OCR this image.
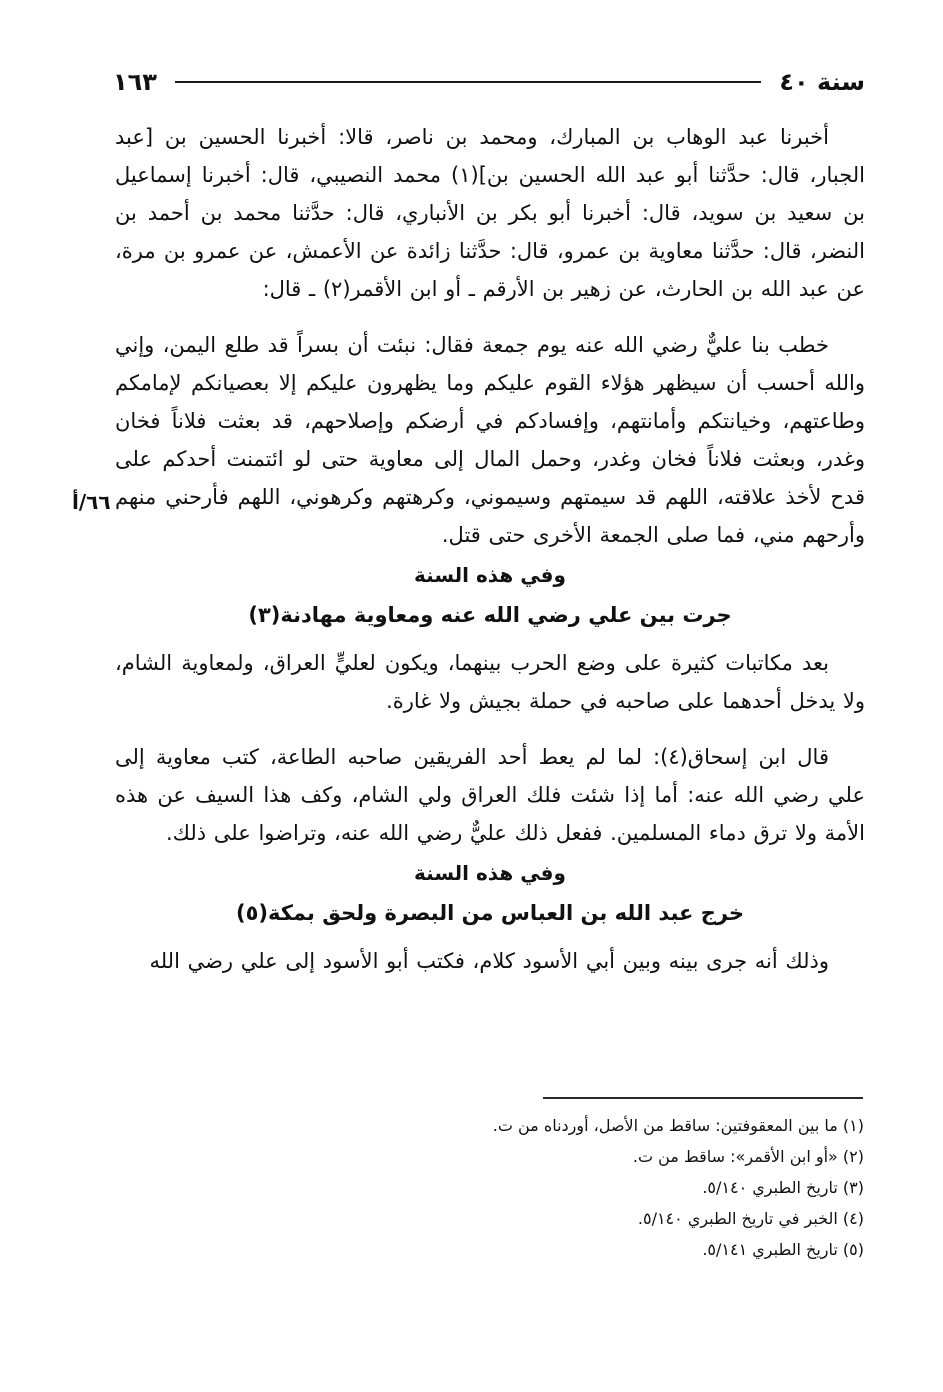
سنة ٤٠
١٦٣
٦٦/أ

أخبرنا عبد الوهاب بن المبارك، ومحمد بن ناصر، قالا: أخبرنا الحسين بن [عبد الجبار، قال: حدَّثنا أبو عبد الله الحسين بن](١) محمد النصيبي، قال: أخبرنا إسماعيل بن سعيد بن سويد، قال: أخبرنا أبو بكر بن الأنباري، قال: حدَّثنا محمد بن أحمد بن النضر، قال: حدَّثنا معاوية بن عمرو، قال: حدَّثنا زائدة عن الأعمش، عن عمرو بن مرة، عن عبد الله بن الحارث، عن زهير بن الأرقم ـ أو ابن الأقمر(٢) ـ قال:

خطب بنا عليٌّ رضي الله عنه يوم جمعة فقال: نبئت أن بسراً قد طلع اليمن، وإني والله أحسب أن سيظهر هؤلاء القوم عليكم وما يظهرون عليكم إلا بعصيانكم لإمامكم وطاعتهم، وخيانتكم وأمانتهم، وإفسادكم في أرضكم وإصلاحهم، قد بعثت فلاناً فخان وغدر، وبعثت فلاناً فخان وغدر، وحمل المال إلى معاوية حتى لو ائتمنت أحدكم على قدح لأخذ علاقته، اللهم قد سيمتهم وسيموني، وكرهتهم وكرهوني، اللهم فأرحني منهم وأرحهم مني، فما صلى الجمعة الأخرى حتى قتل.

وفي هذه السنة

جرت بين علي رضي الله عنه ومعاوية مهادنة(٣)

بعد مكاتبات كثيرة على وضع الحرب بينهما، ويكون لعليٍّ العراق، ولمعاوية الشام، ولا يدخل أحدهما على صاحبه في حملة بجيش ولا غارة.

قال ابن إسحاق(٤): لما لم يعط أحد الفريقين صاحبه الطاعة، كتب معاوية إلى علي رضي الله عنه: أما إذا شئت فلك العراق ولي الشام، وكف هذا السيف عن هذه الأمة ولا ترق دماء المسلمين. ففعل ذلك عليٌّ رضي الله عنه، وتراضوا على ذلك.

وفي هذه السنة

خرج عبد الله بن العباس من البصرة ولحق بمكة(٥)

وذلك أنه جرى بينه وبين أبي الأسود كلام، فكتب أبو الأسود إلى علي رضي الله

(١) ما بين المعقوفتين: ساقط من الأصل، أوردناه من ت.

(٢) «أو ابن الأقمر»: ساقط من ت.

(٣) تاريخ الطبري ٥/١٤٠.

(٤) الخبر في تاريخ الطبري ٥/١٤٠.

(٥) تاريخ الطبري ٥/١٤١.
